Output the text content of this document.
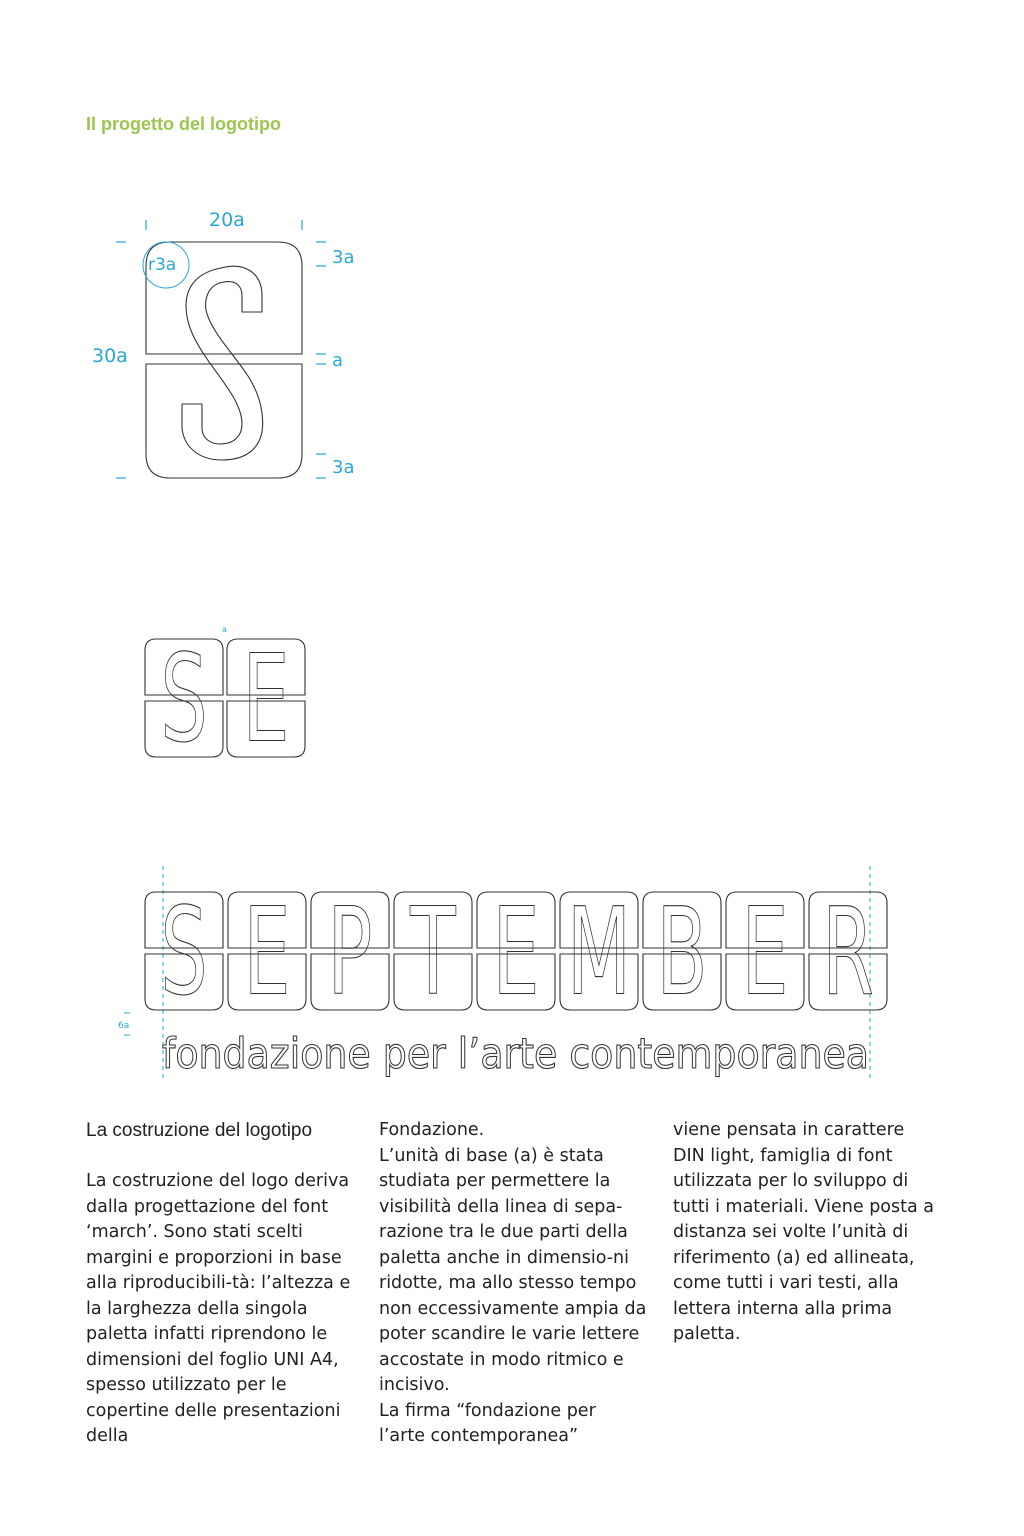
Il progetto del logotipo
20a
30a
r3a	3a
a
3a
a
S E
S E P T E M B E R
6a
fondazione per l’arte contemporanea
La costruzione del logotipo

La costruzione del logo deriva dalla progettazione del font ‘march’. Sono stati scelti margini e proporzioni in base alla riproducibili-tà: l’altezza e la larghezza della singola paletta infatti riprendono le dimensioni del foglio UNI A4, spesso utilizzato per le copertine delle presentazioni della

Fondazione.
L’unità di base (a) è stata studiata per permettere la visibilità della linea di sepa-razione tra le due parti della paletta anche in dimensio-ni ridotte, ma allo stesso tempo non eccessivamente ampia da poter scandire le varie lettere accostate in modo ritmico e incisivo.
La firma “fondazione per l’arte contemporanea”

viene pensata in carattere DIN light, famiglia di font utilizzata per lo sviluppo di tutti i materiali. Viene posta a distanza sei volte l’unità di riferimento (a) ed allineata, come tutti i vari testi, alla lettera interna alla prima paletta.
